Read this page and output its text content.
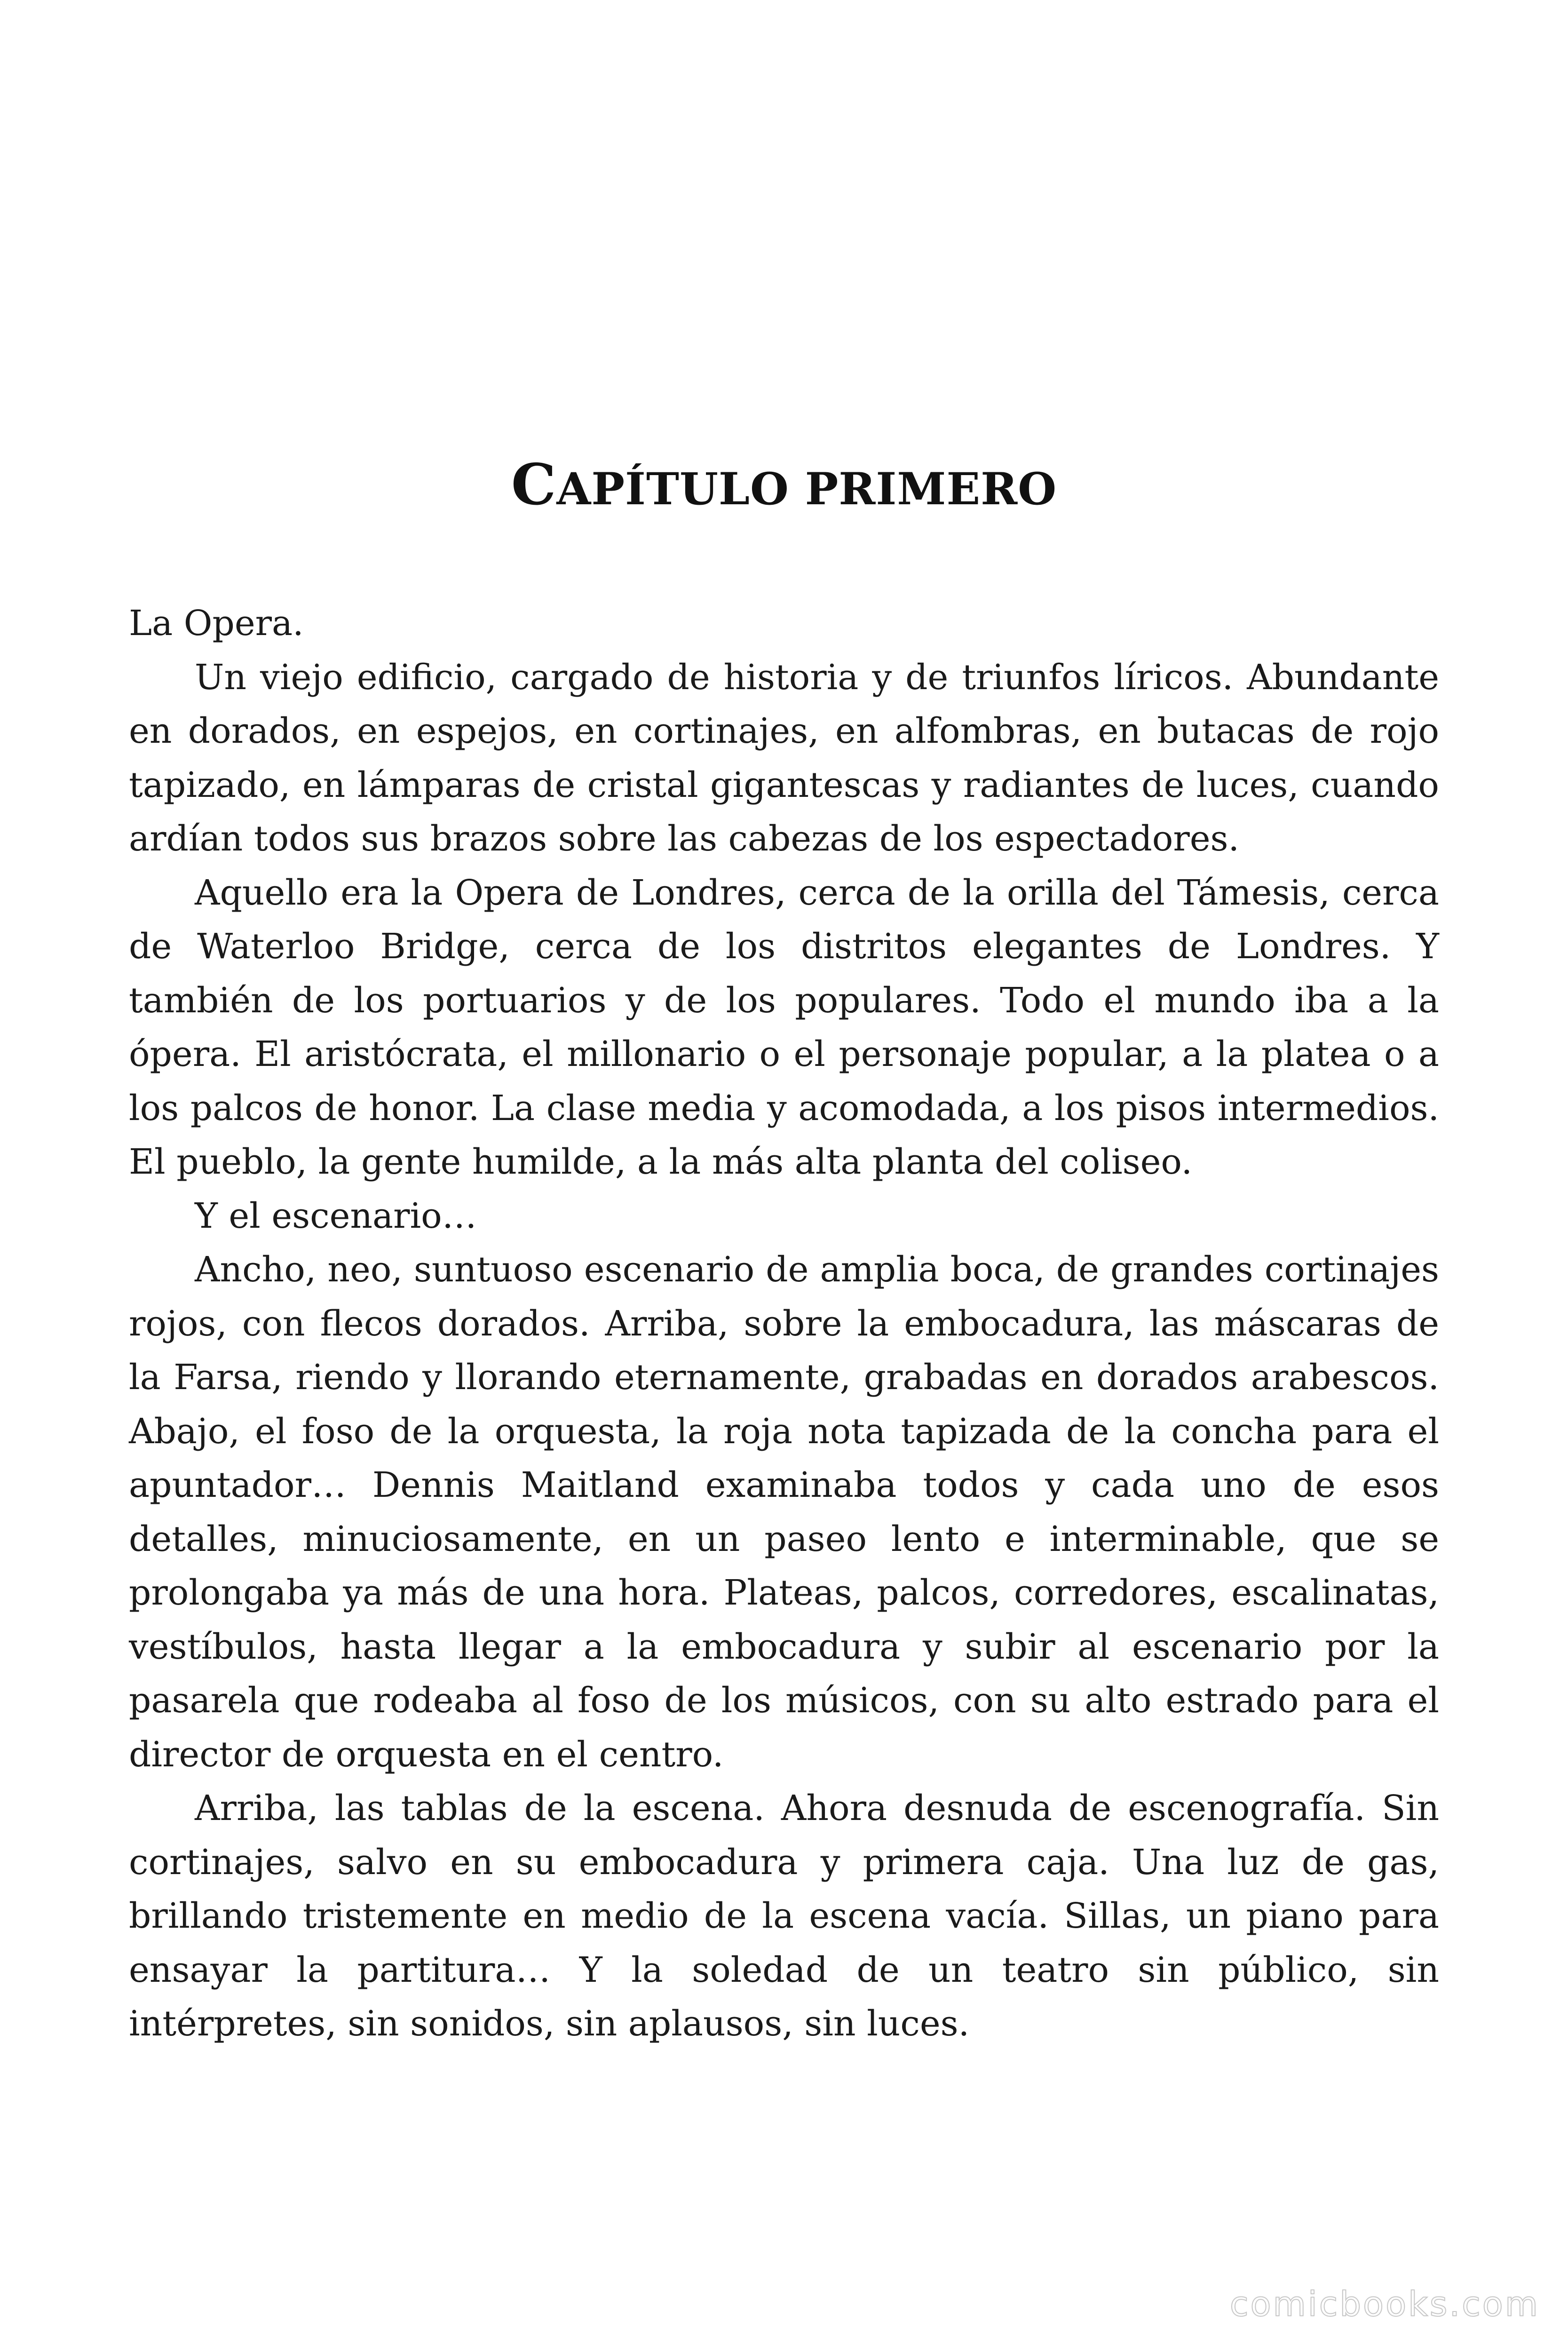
CAPÍTULO PRIMERO

La Opera.

Un viejo edificio, cargado de historia y de triunfos líricos. Abundante en dorados, en espejos, en cortinajes, en alfombras, en butacas de rojo tapizado, en lámparas de cristal gigantescas y radiantes de luces, cuando ardían todos sus brazos sobre las cabezas de los espectadores.

Aquello era la Opera de Londres, cerca de la orilla del Támesis, cerca de Waterloo Bridge, cerca de los distritos elegantes de Londres. Y también de los portuarios y de los populares. Todo el mundo iba a la ópera. El aristócrata, el millonario o el personaje popular, a la platea o a los palcos de honor. La clase media y acomodada, a los pisos intermedios. El pueblo, la gente humilde, a la más alta planta del coliseo.

Y el escenario…

Ancho, neo, suntuoso escenario de amplia boca, de grandes cortinajes rojos, con flecos dorados. Arriba, sobre la embocadura, las máscaras de la Farsa, riendo y llorando eternamente, grabadas en dorados arabescos. Abajo, el foso de la orquesta, la roja nota tapizada de la concha para el apuntador… Dennis Maitland examinaba todos y cada uno de esos detalles, minuciosamente, en un paseo lento e interminable, que se prolongaba ya más de una hora. Plateas, palcos, corredores, escalinatas, vestíbulos, hasta llegar a la embocadura y subir al escenario por la pasarela que rodeaba al foso de los músicos, con su alto estrado para el director de orquesta en el centro.

Arriba, las tablas de la escena. Ahora desnuda de escenografía. Sin cortinajes, salvo en su embocadura y primera caja. Una luz de gas, brillando tristemente en medio de la escena vacía. Sillas, un piano para ensayar la partitura… Y la soledad de un teatro sin público, sin intérpretes, sin sonidos, sin aplausos, sin luces.

comicbooks.com
